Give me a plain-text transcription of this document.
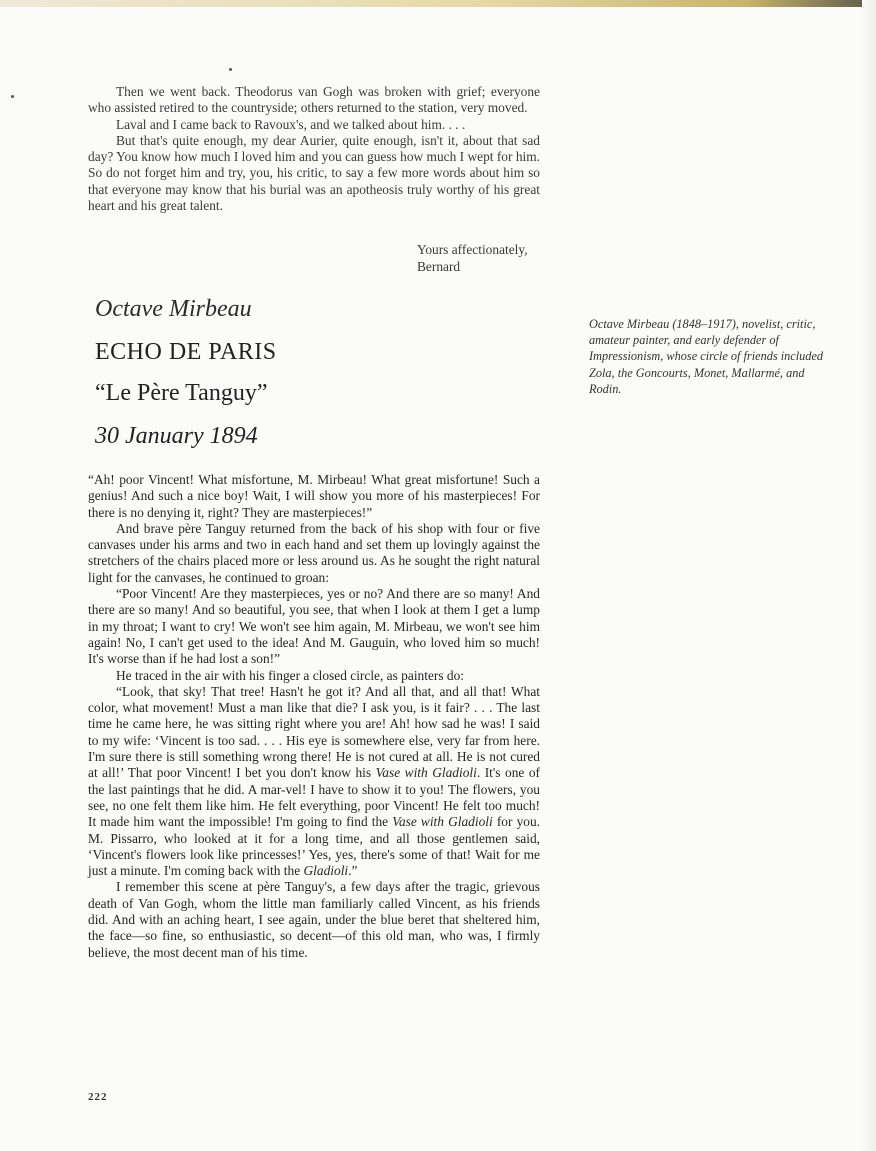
Then we went back. Theodorus van Gogh was broken with grief; everyone who assisted retired to the countryside; others returned to the station, very moved.

Laval and I came back to Ravoux's, and we talked about him. . . .

But that's quite enough, my dear Aurier, quite enough, isn't it, about that sad day? You know how much I loved him and you can guess how much I wept for him. So do not forget him and try, you, his critic, to say a few more words about him so that everyone may know that his burial was an apotheosis truly worthy of his great heart and his great talent.

Yours affectionately,
Bernard
Octave Mirbeau
ECHO DE PARIS
“Le Père Tanguy”
30 January 1894
Octave Mirbeau (1848–1917), novelist, critic, amateur painter, and early defender of Impressionism, whose circle of friends included Zola, the Goncourts, Monet, Mallarmé, and Rodin.

“Ah! poor Vincent! What misfortune, M. Mirbeau! What great misfortune! Such a genius! And such a nice boy! Wait, I will show you more of his masterpieces! For there is no denying it, right? They are masterpieces!”

And brave père Tanguy returned from the back of his shop with four or five canvases under his arms and two in each hand and set them up lovingly against the stretchers of the chairs placed more or less around us. As he sought the right natural light for the canvases, he continued to groan:

“Poor Vincent! Are they masterpieces, yes or no? And there are so many! And there are so many! And so beautiful, you see, that when I look at them I get a lump in my throat; I want to cry! We won't see him again, M. Mirbeau, we won't see him again! No, I can't get used to the idea! And M. Gauguin, who loved him so much! It's worse than if he had lost a son!”

He traced in the air with his finger a closed circle, as painters do:

“Look, that sky! That tree! Hasn't he got it? And all that, and all that! What color, what movement! Must a man like that die? I ask you, is it fair? . . . The last time he came here, he was sitting right where you are! Ah! how sad he was! I said to my wife: ‘Vincent is too sad. . . . His eye is somewhere else, very far from here. I'm sure there is still something wrong there! He is not cured at all. He is not cured at all!’ That poor Vincent! I bet you don't know his Vase with Gladioli. It's one of the last paintings that he did. A mar-vel! I have to show it to you! The flowers, you see, no one felt them like him. He felt everything, poor Vincent! He felt too much! It made him want the impossible! I'm going to find the Vase with Gladioli for you. M. Pissarro, who looked at it for a long time, and all those gentlemen said, ‘Vincent's flowers look like princesses!’ Yes, yes, there's some of that! Wait for me just a minute. I'm coming back with the Gladioli.”

I remember this scene at père Tanguy's, a few days after the tragic, grievous death of Van Gogh, whom the little man familiarly called Vincent, as his friends did. And with an aching heart, I see again, under the blue beret that sheltered him, the face—so fine, so enthusiastic, so decent—of this old man, who was, I firmly believe, the most decent man of his time.

222
